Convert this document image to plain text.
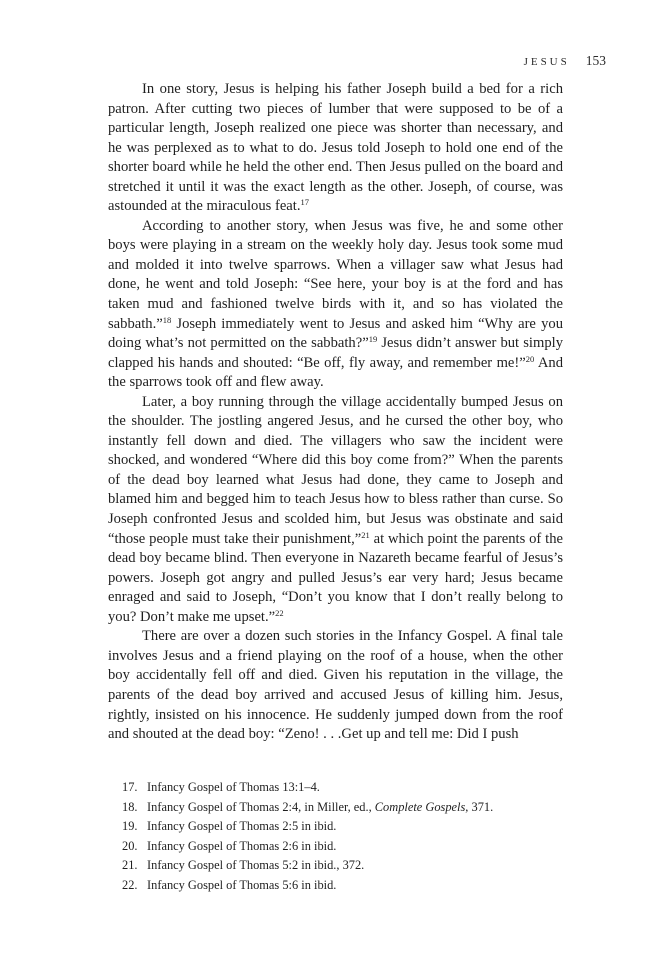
JESUS 153

In one story, Jesus is helping his father Joseph build a bed for a rich patron. After cutting two pieces of lumber that were supposed to be of a particular length, Joseph realized one piece was shorter than necessary, and he was perplexed as to what to do. Jesus told Joseph to hold one end of the shorter board while he held the other end. Then Jesus pulled on the board and stretched it until it was the exact length as the other. Joseph, of course, was astounded at the miraculous feat.$^{17}$

According to another story, when Jesus was five, he and some other boys were playing in a stream on the weekly holy day. Jesus took some mud and molded it into twelve sparrows. When a villager saw what Jesus had done, he went and told Joseph: “See here, your boy is at the ford and has taken mud and fashioned twelve birds with it, and so has violated the sabbath.”$^{18}$ Joseph immediately went to Jesus and asked him “Why are you doing what’s not permitted on the sabbath?”$^{19}$ Jesus didn’t answer but simply clapped his hands and shouted: “Be off, fly away, and remember me!”$^{20}$ And the sparrows took off and flew away.

Later, a boy running through the village accidentally bumped Jesus on the shoulder. The jostling angered Jesus, and he cursed the other boy, who instantly fell down and died. The villagers who saw the incident were shocked, and wondered “Where did this boy come from?” When the parents of the dead boy learned what Jesus had done, they came to Joseph and blamed him and begged him to teach Jesus how to bless rather than curse. So Joseph confronted Jesus and scolded him, but Jesus was obstinate and said “those people must take their punishment,”$^{21}$ at which point the parents of the dead boy became blind. Then everyone in Nazareth became fearful of Jesus’s powers. Joseph got angry and pulled Jesus’s ear very hard; Jesus became enraged and said to Joseph, “Don’t you know that I don’t really belong to you? Don’t make me upset.”$^{22}$

There are over a dozen such stories in the Infancy Gospel. A final tale involves Jesus and a friend playing on the roof of a house, when the other boy accidentally fell off and died. Given his reputation in the village, the parents of the dead boy arrived and accused Jesus of killing him. Jesus, rightly, insisted on his innocence. He suddenly jumped down from the roof and shouted at the dead boy: “Zeno! . . .Get up and tell me: Did I push

17. Infancy Gospel of Thomas 13:1–4.
18. Infancy Gospel of Thomas 2:4, in Miller, ed., Complete Gospels, 371.
19. Infancy Gospel of Thomas 2:5 in ibid.
20. Infancy Gospel of Thomas 2:6 in ibid.
21. Infancy Gospel of Thomas 5:2 in ibid., 372.
22. Infancy Gospel of Thomas 5:6 in ibid.
